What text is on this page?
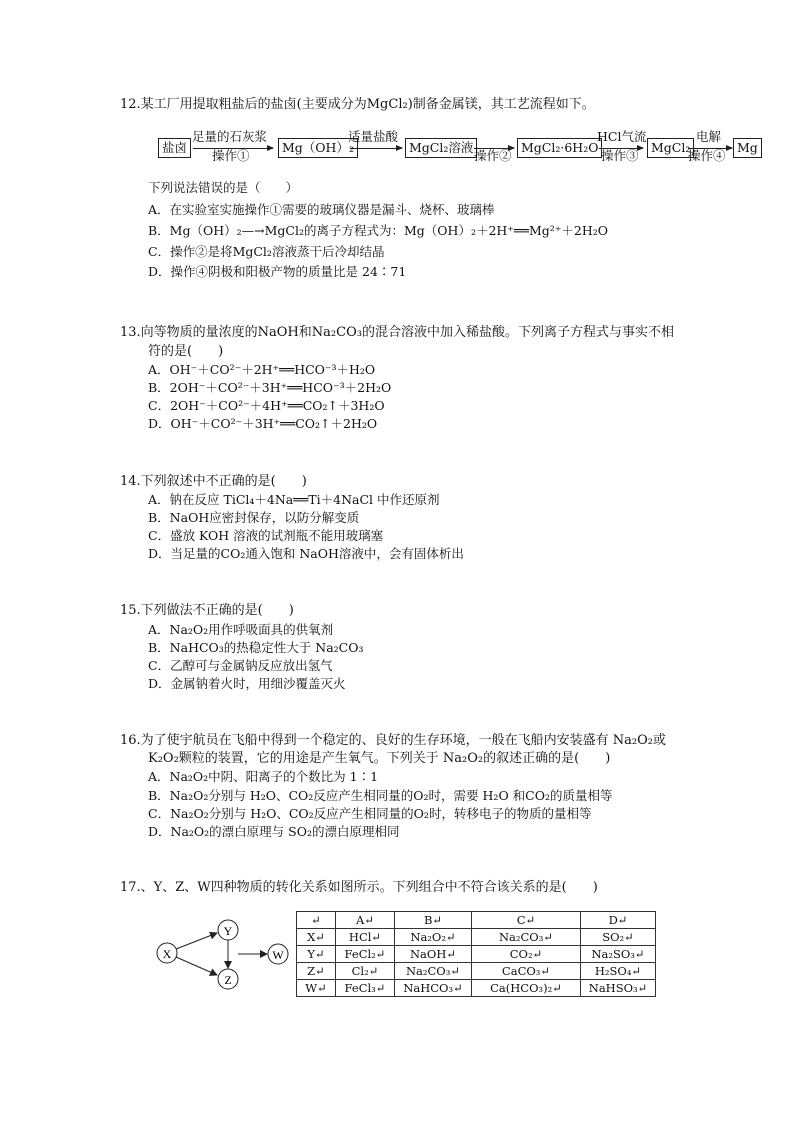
12.某工厂用提取粗盐后的盐卤(主要成分为MgCl₂)制备金属镁，其工艺流程如下。
盐卤
足量的石灰浆
操作①
Mg（OH）₂
适量盐酸
MgCl₂溶液
操作②
MgCl₂·6H₂O
HCl气流
操作③
MgCl₂
电解
操作④
Mg
下列说法错误的是（　　）
A．在实验室实施操作①需要的玻璃仪器是漏斗、烧杯、玻璃棒
B．Mg（OH）₂—→MgCl₂的离子方程式为：Mg（OH）₂＋2H⁺══Mg²⁺＋2H₂O
C．操作②是将MgCl₂溶液蒸干后冷却结晶
D．操作④阴极和阳极产物的质量比是 24∶71
13.向等物质的量浓度的NaOH和Na₂CO₃的混合溶液中加入稀盐酸。下列离子方程式与事实不相
符的是(　　)
A．OH⁻＋CO²⁻＋2H⁺══HCO⁻³＋H₂O
B．2OH⁻＋CO²⁻＋3H⁺══HCO⁻³＋2H₂O
C．2OH⁻＋CO²⁻＋4H⁺══CO₂↑＋3H₂O
D．OH⁻＋CO²⁻＋3H⁺══CO₂↑＋2H₂O
14.下列叙述中不正确的是(　　)
A．钠在反应 TiCl₄＋4Na══Ti＋4NaCl 中作还原剂
B．NaOH应密封保存，以防分解变质
C．盛放 KOH 溶液的试剂瓶不能用玻璃塞
D．当足量的CO₂通入饱和 NaOH溶液中，会有固体析出
15.下列做法不正确的是(　　)
A．Na₂O₂用作呼吸面具的供氧剂
B．NaHCO₃的热稳定性大于 Na₂CO₃
C．乙醇可与金属钠反应放出氢气
D．金属钠着火时，用细沙覆盖灭火
16.为了使宇航员在飞船中得到一个稳定的、良好的生存环境，一般在飞船内安装盛有 Na₂O₂或
K₂O₂颗粒的装置，它的用途是产生氧气。下列关于 Na₂O₂的叙述正确的是(　　)
A．Na₂O₂中阴、阳离子的个数比为 1∶1
B．Na₂O₂分别与 H₂O、CO₂反应产生相同量的O₂时，需要 H₂O 和CO₂的质量相等
C．Na₂O₂分别与 H₂O、CO₂反应产生相同量的O₂时，转移电子的物质的量相等
D．Na₂O₂的漂白原理与 SO₂的漂白原理相同
17.、Y、Z、W四种物质的转化关系如图所示。下列组合中不符合该关系的是(　　)
X
Y
Z
W
↵	A↵	B↵	C↵	D↵
X↵	HCl↵	Na₂O₂↵	Na₂CO₃↵	SO₂↵
Y↵	FeCl₂↵	NaOH↵	CO₂↵	Na₂SO₃↵
Z↵	Cl₂↵	Na₂CO₃↵	CaCO₃↵	H₂SO₄↵
W↵	FeCl₃↵	NaHCO₃↵	Ca(HCO₃)₂↵	NaHSO₃↵
